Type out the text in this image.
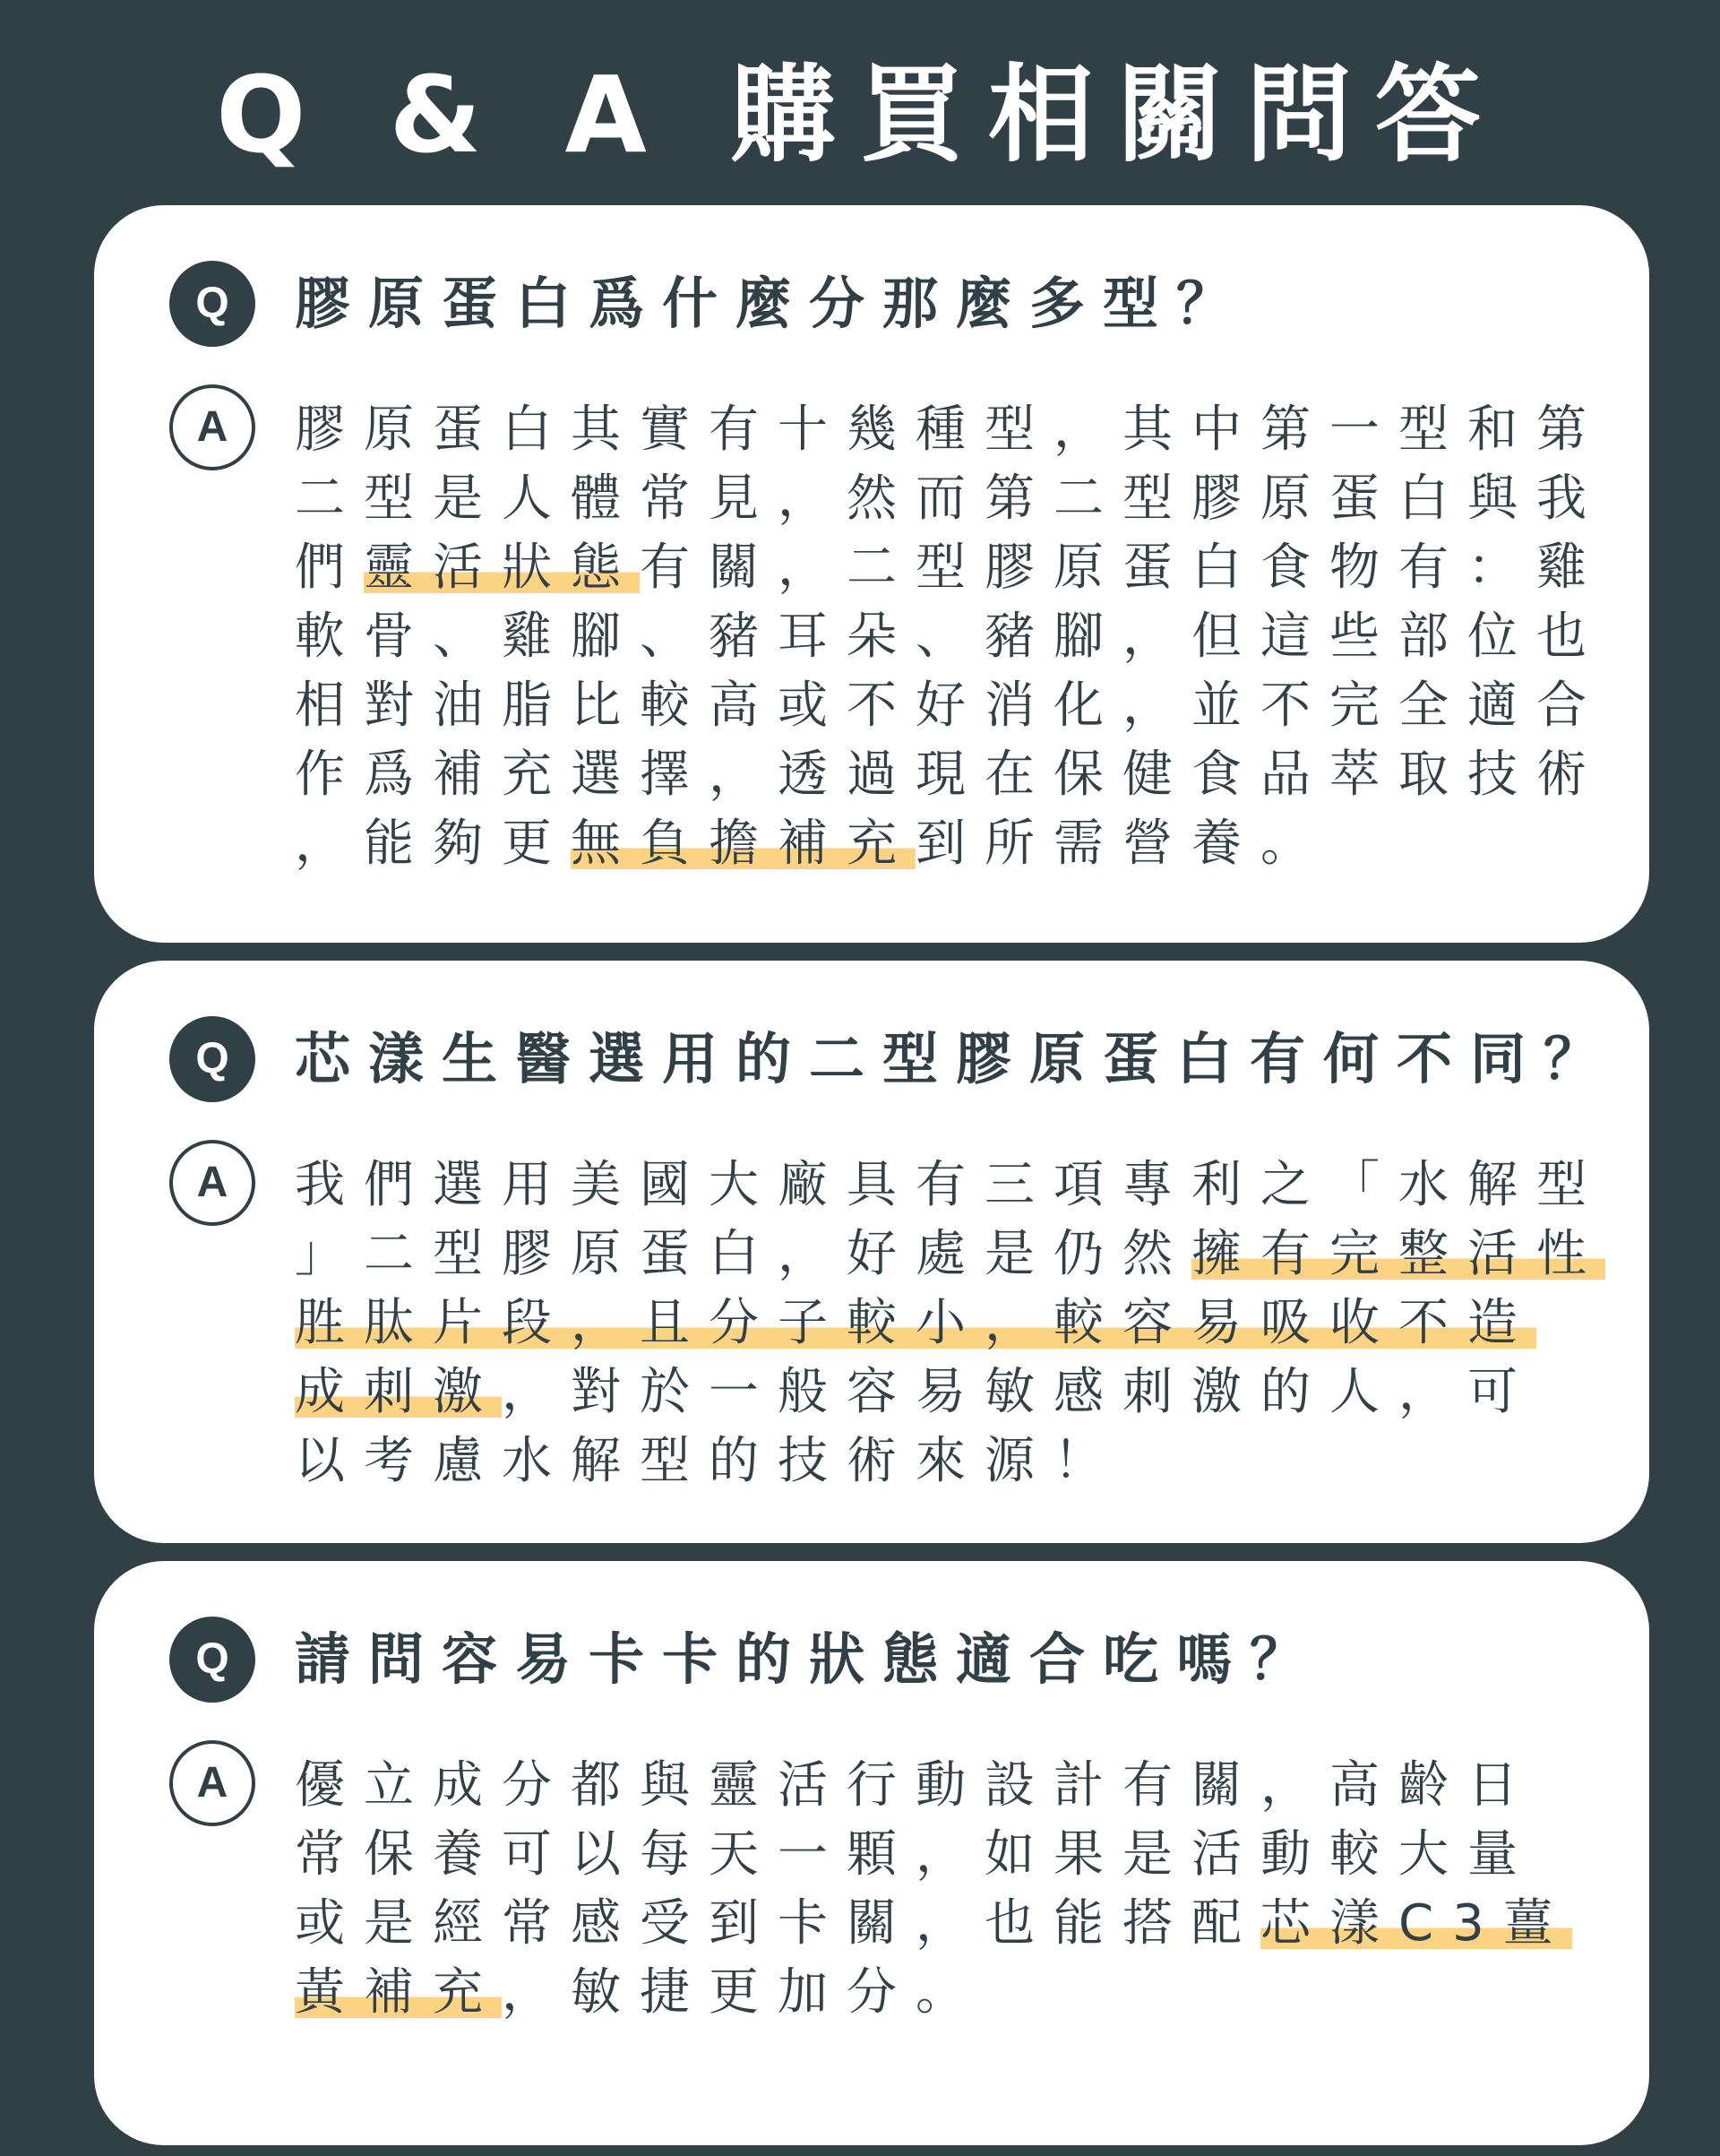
Q & A 購買相關問答
Q	膠原蛋白爲什麼分那麼多型？
A	膠原蛋白其實有十幾種型，其中第一型和第
二型是人體常見，然而第二型膠原蛋白與我
們靈活狀態有關，二型膠原蛋白食物有：雞
軟骨、雞腳、豬耳朵、豬腳，但這些部位也
相對油脂比較高或不好消化，並不完全適合
作爲補充選擇，透過現在保健食品萃取技術
，能夠更無負擔補充到所需營養。
Q	芯漾生醫選用的二型膠原蛋白有何不同？
A	我們選用美國大廠具有三項專利之「水解型
」二型膠原蛋白，好處是仍然擁有完整活性
胜肽片段，且分子較小，較容易吸收不造
成刺激，對於一般容易敏感刺激的人，可
以考慮水解型的技術來源！
Q	請問容易卡卡的狀態適合吃嗎？
A	優立成分都與靈活行動設計有關，高齡日
常保養可以每天一顆，如果是活動較大量
或是經常感受到卡關，也能搭配芯漾C3薑
黃補充，敏捷更加分。
